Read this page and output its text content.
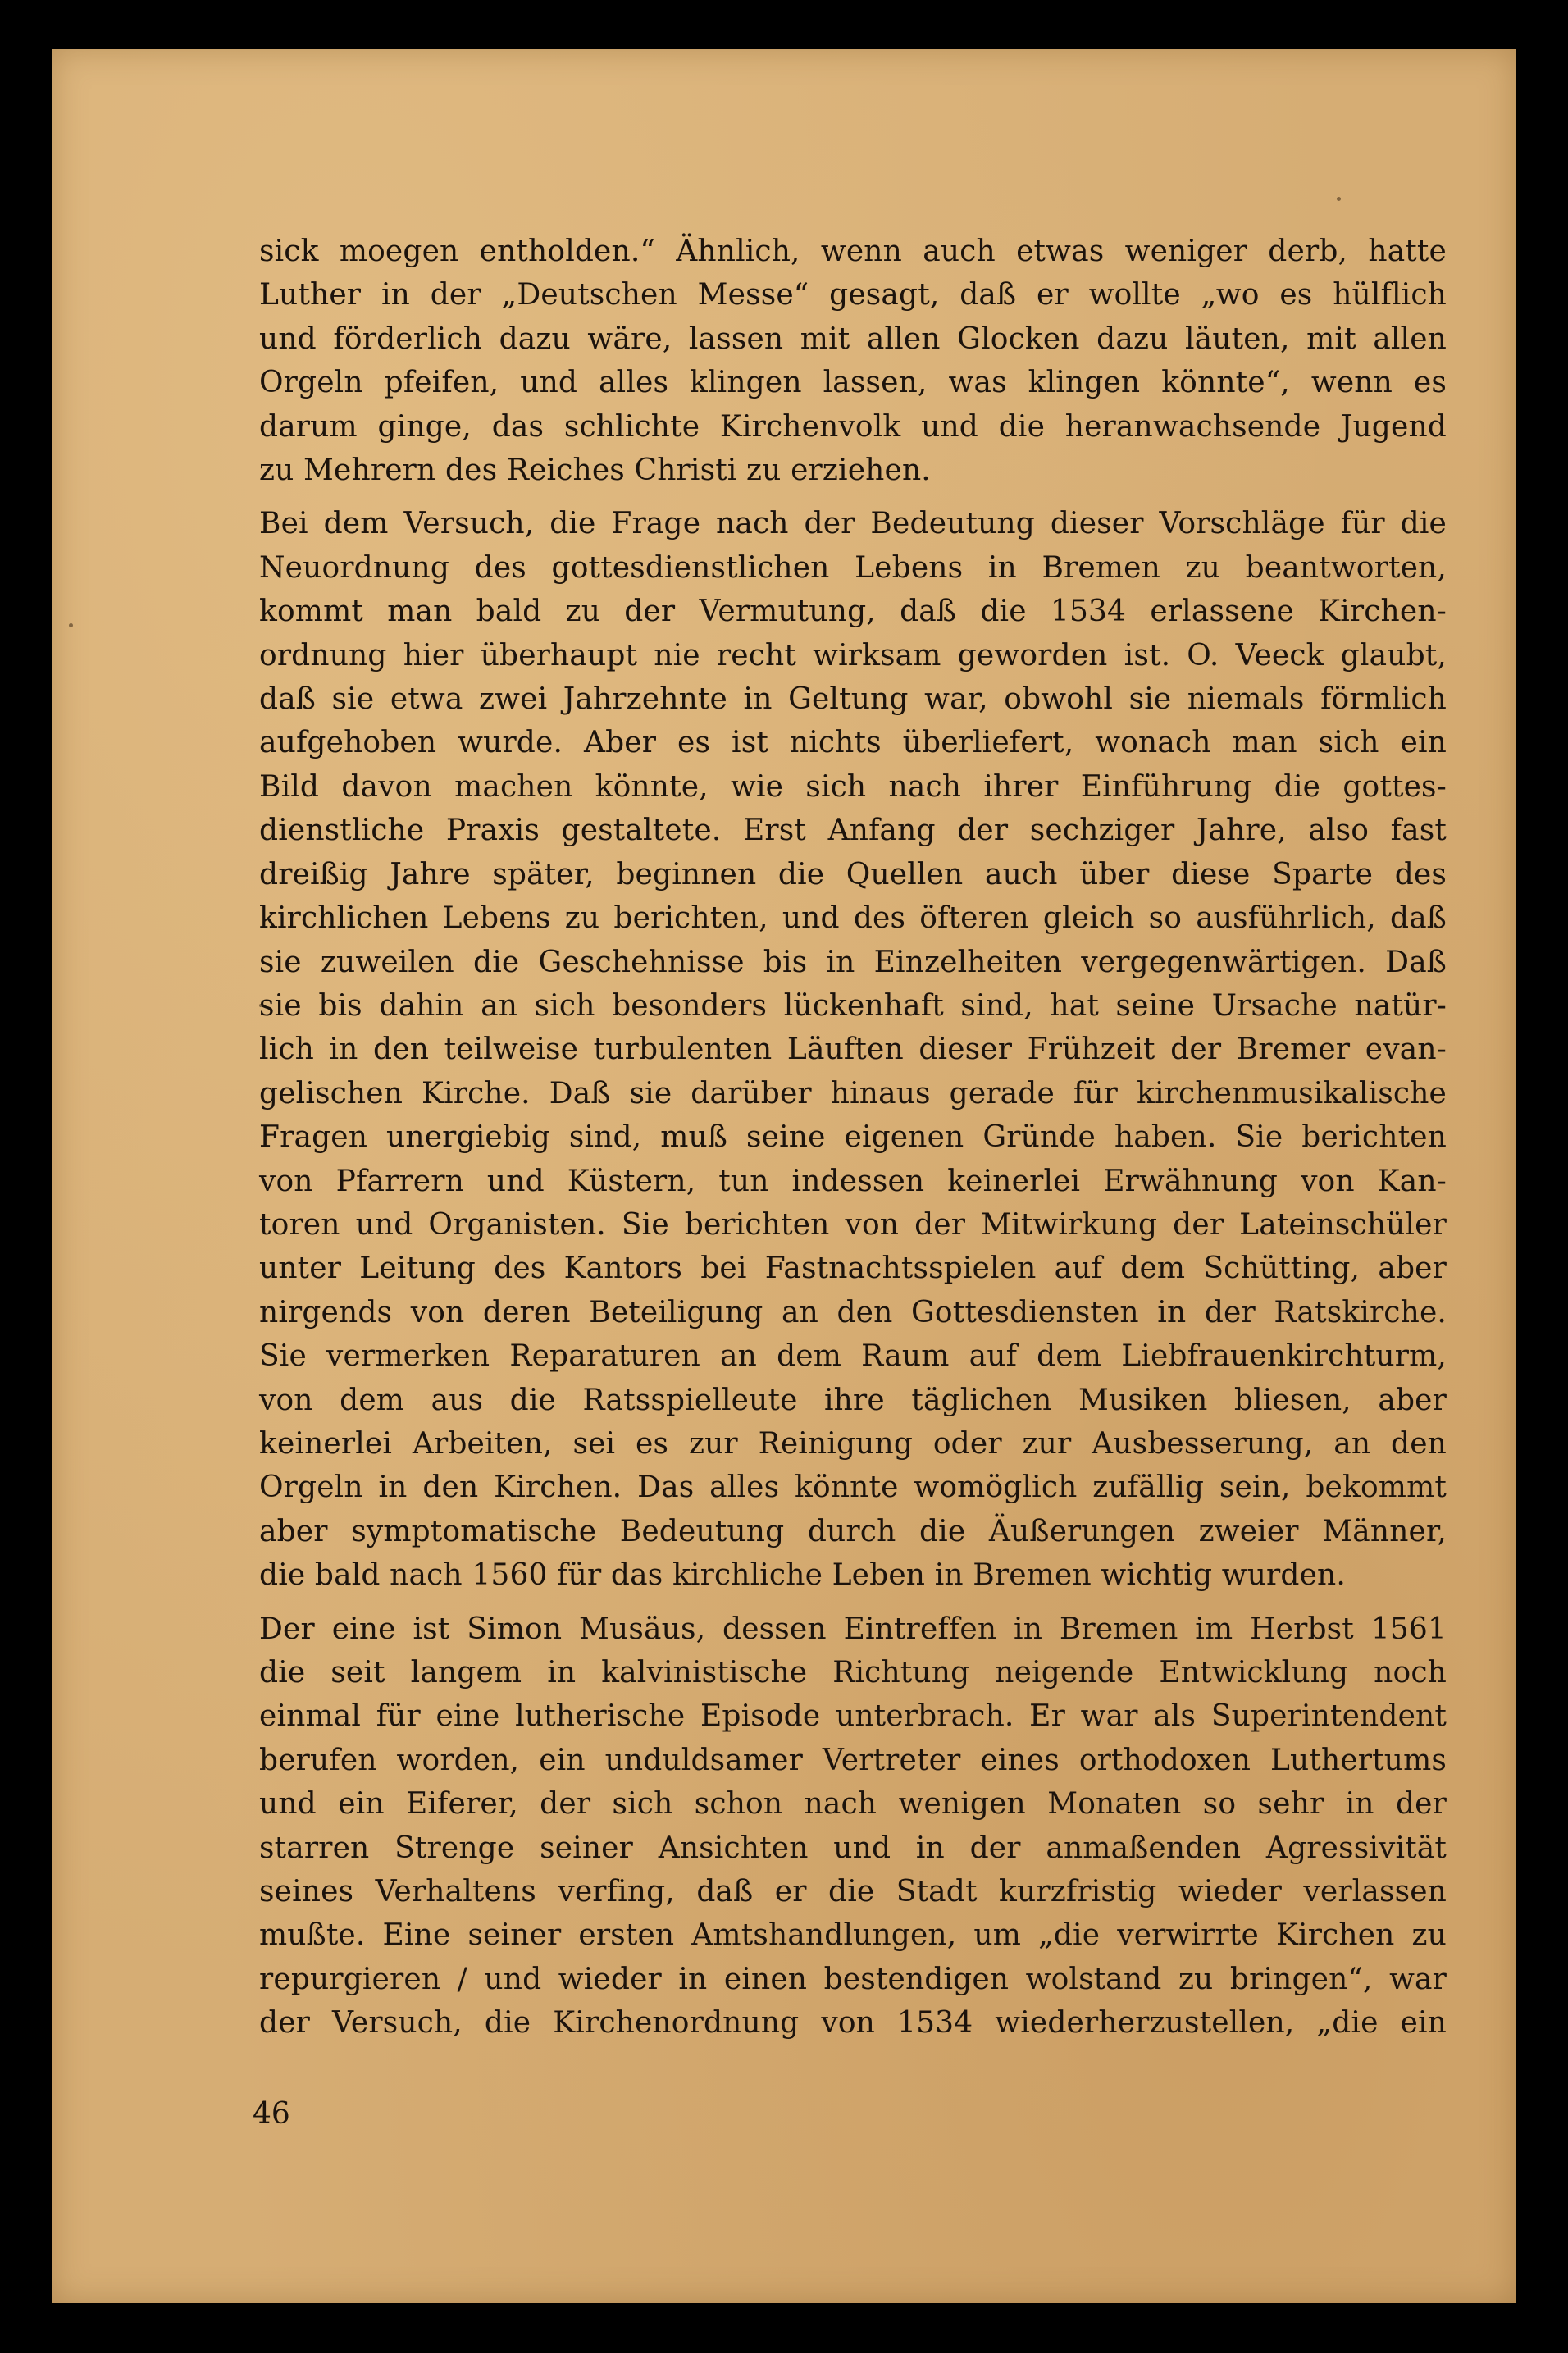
sick moegen entholden.“ Ähnlich, wenn auch etwas weniger derb, hatte
Luther in der „Deutschen Messe“ gesagt, daß er wollte „wo es hülflich
und förderlich dazu wäre, lassen mit allen Glocken dazu läuten, mit allen
Orgeln pfeifen, und alles klingen lassen, was klingen könnte“, wenn es
darum ginge, das schlichte Kirchenvolk und die heranwachsende Jugend
zu Mehrern des Reiches Christi zu erziehen.

Bei dem Versuch, die Frage nach der Bedeutung dieser Vorschläge für die
Neuordnung des gottesdienstlichen Lebens in Bremen zu beantworten,
kommt man bald zu der Vermutung, daß die 1534 erlassene Kirchen-
ordnung hier überhaupt nie recht wirksam geworden ist. O. Veeck glaubt,
daß sie etwa zwei Jahrzehnte in Geltung war, obwohl sie niemals förmlich
aufgehoben wurde. Aber es ist nichts überliefert, wonach man sich ein
Bild davon machen könnte, wie sich nach ihrer Einführung die gottes-
dienstliche Praxis gestaltete. Erst Anfang der sechziger Jahre, also fast
dreißig Jahre später, beginnen die Quellen auch über diese Sparte des
kirchlichen Lebens zu berichten, und des öfteren gleich so ausführlich, daß
sie zuweilen die Geschehnisse bis in Einzelheiten vergegenwärtigen. Daß
sie bis dahin an sich besonders lückenhaft sind, hat seine Ursache natür-
lich in den teilweise turbulenten Läuften dieser Frühzeit der Bremer evan-
gelischen Kirche. Daß sie darüber hinaus gerade für kirchenmusikalische
Fragen unergiebig sind, muß seine eigenen Gründe haben. Sie berichten
von Pfarrern und Küstern, tun indessen keinerlei Erwähnung von Kan-
toren und Organisten. Sie berichten von der Mitwirkung der Lateinschüler
unter Leitung des Kantors bei Fastnachtsspielen auf dem Schütting, aber
nirgends von deren Beteiligung an den Gottesdiensten in der Ratskirche.
Sie vermerken Reparaturen an dem Raum auf dem Liebfrauenkirchturm,
von dem aus die Ratsspielleute ihre täglichen Musiken bliesen, aber
keinerlei Arbeiten, sei es zur Reinigung oder zur Ausbesserung, an den
Orgeln in den Kirchen. Das alles könnte womöglich zufällig sein, bekommt
aber symptomatische Bedeutung durch die Äußerungen zweier Männer,
die bald nach 1560 für das kirchliche Leben in Bremen wichtig wurden.

Der eine ist Simon Musäus, dessen Eintreffen in Bremen im Herbst 1561
die seit langem in kalvinistische Richtung neigende Entwicklung noch
einmal für eine lutherische Episode unterbrach. Er war als Superintendent
berufen worden, ein unduldsamer Vertreter eines orthodoxen Luthertums
und ein Eiferer, der sich schon nach wenigen Monaten so sehr in der
starren Strenge seiner Ansichten und in der anmaßenden Agressivität
seines Verhaltens verfing, daß er die Stadt kurzfristig wieder verlassen
mußte. Eine seiner ersten Amtshandlungen, um „die verwirrte Kirchen zu
repurgieren / und wieder in einen bestendigen wolstand zu bringen“, war
der Versuch, die Kirchenordnung von 1534 wiederherzustellen, „die ein

46
